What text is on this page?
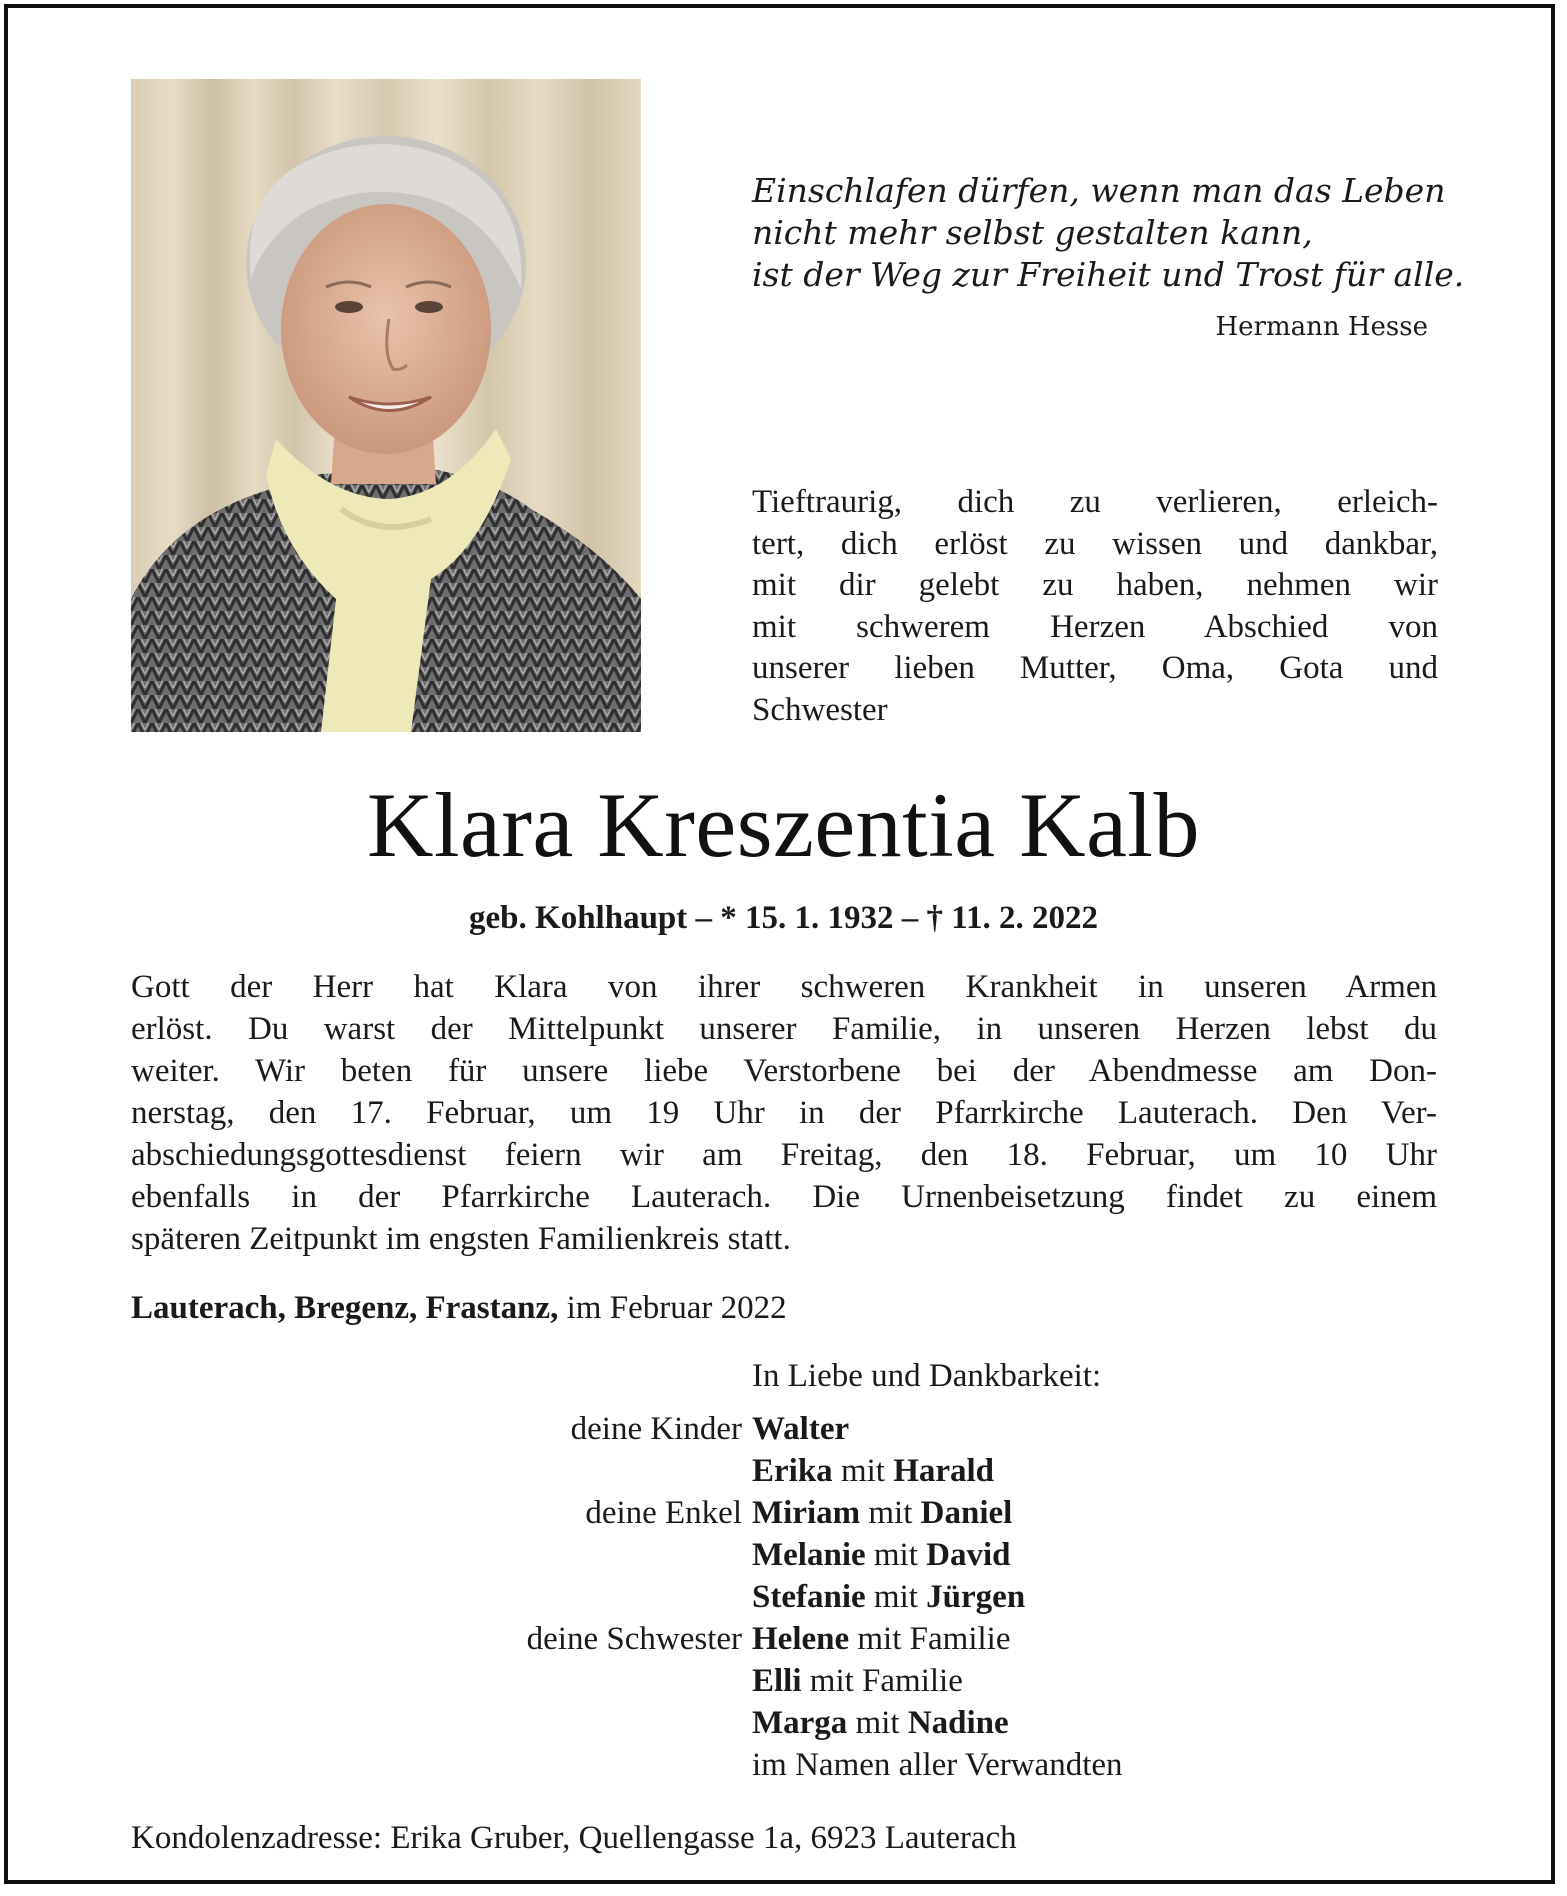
Einschlafen dürfen, wenn man das Leben
nicht mehr selbst gestalten kann,
ist der Weg zur Freiheit und Trost für alle.
Hermann Hesse
Tieftraurig, dich zu verlieren, erleich-
tert, dich erlöst zu wissen und dankbar,
mit dir gelebt zu haben, nehmen wir
mit schwerem Herzen Abschied von
unserer lieben Mutter, Oma, Gota und
Schwester
Klara Kreszentia Kalb
geb. Kohlhaupt – * 15. 1. 1932 – † 11. 2. 2022
Gott der Herr hat Klara von ihrer schweren Krankheit in unseren Armen
erlöst. Du warst der Mittelpunkt unserer Familie, in unseren Herzen lebst du
weiter. Wir beten für unsere liebe Verstorbene bei der Abendmesse am Don-
nerstag, den 17. Februar, um 19 Uhr in der Pfarrkirche Lauterach. Den Ver-
abschiedungsgottesdienst feiern wir am Freitag, den 18. Februar, um 10 Uhr
ebenfalls in der Pfarrkirche Lauterach. Die Urnenbeisetzung findet zu einem
späteren Zeitpunkt im engsten Familienkreis statt.
Lauterach, Bregenz, Frastanz, im Februar 2022
In Liebe und Dankbarkeit:
deine Kinder Walter
Erika mit Harald
deine Enkel Miriam mit Daniel
Melanie mit David
Stefanie mit Jürgen
deine Schwester Helene mit Familie
Elli mit Familie
Marga mit Nadine
im Namen aller Verwandten
Kondolenzadresse: Erika Gruber, Quellengasse 1a, 6923 Lauterach
